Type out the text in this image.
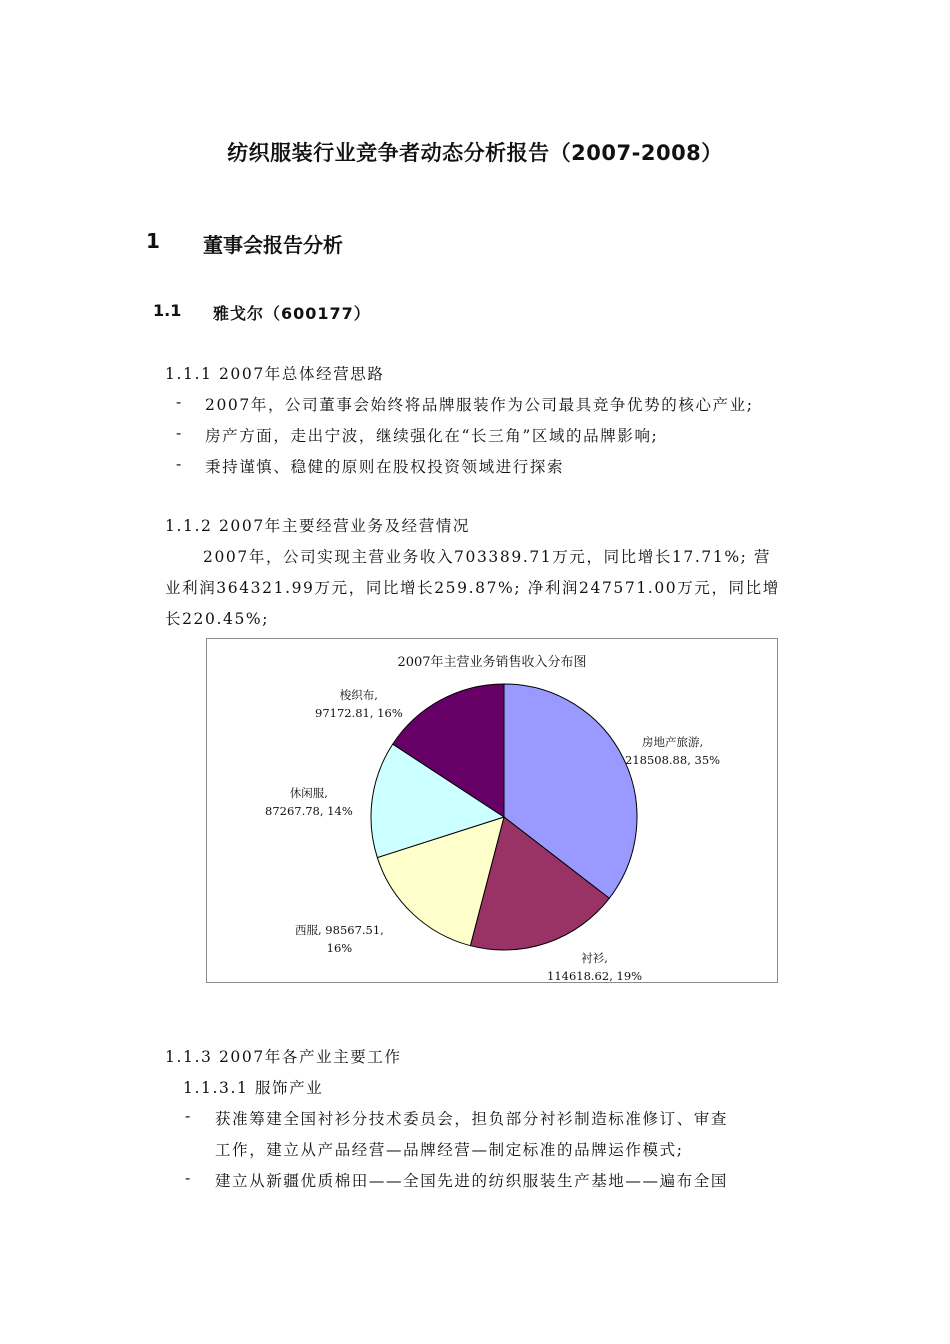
纺织服装行业竞争者动态分析报告（2007-2008）
1 董事会报告分析
1.1 雅戈尔（600177）
1.1.1 2007年总体经营思路
- 2007年，公司董事会始终将品牌服装作为公司最具竞争优势的核心产业;
- 房产方面，走出宁波，继续强化在“长三角”区域的品牌影响;
- 秉持谨慎、稳健的原则在股权投资领域进行探索
1.1.2 2007年主要经营业务及经营情况
2007年，公司实现主营业务收入703389.71万元，同比增长17.71%; 营
业利润364321.99万元，同比增长259.87%; 净利润247571.00万元，同比增
长220.45%;
2007年主营业务销售收入分布图
房地产旅游,
218508.88, 35%
衬衫,
114618.62, 19%
西服, 98567.51,
16%
休闲服,
87267.78, 14%
梭织布,
97172.81, 16%
1.1.3 2007年各产业主要工作
1.1.3.1 服饰产业
- 获准筹建全国衬衫分技术委员会，担负部分衬衫制造标准修订、审查
工作，建立从产品经营—品牌经营—制定标准的品牌运作模式;
- 建立从新疆优质棉田——全国先进的纺织服装生产基地——遍布全国
